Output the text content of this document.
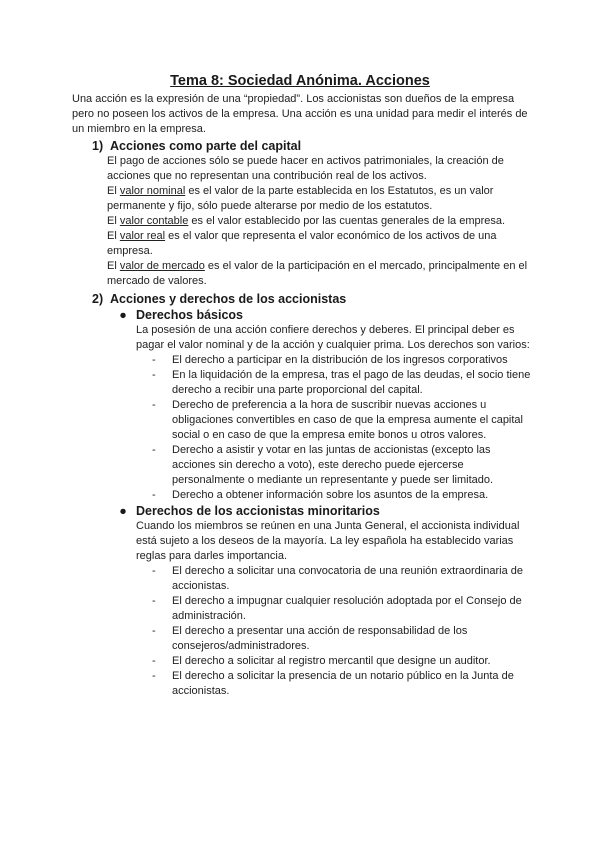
Tema 8: Sociedad Anónima. Acciones

Una acción es la expresión de una “propiedad”. Los accionistas son dueños de la empresa pero no poseen los activos de la empresa. Una acción es una unidad para medir el interés de un miembro en la empresa.

1) Acciones como parte del capital

El pago de acciones sólo se puede hacer en activos patrimoniales, la creación de acciones que no representan una contribución real de los activos.

El valor nominal es el valor de la parte establecida en los Estatutos, es un valor permanente y fijo, sólo puede alterarse por medio de los estatutos.

El valor contable es el valor establecido por las cuentas generales de la empresa.

El valor real es el valor que representa el valor económico de los activos de una empresa.

El valor de mercado es el valor de la participación en el mercado, principalmente en el mercado de valores.

2) Acciones y derechos de los accionistas

● Derechos básicos

La posesión de una acción confiere derechos y deberes. El principal deber es pagar el valor nominal y de la acción y cualquier prima. Los derechos son varios:

- El derecho a participar en la distribución de los ingresos corporativos
- En la liquidación de la empresa, tras el pago de las deudas, el socio tiene derecho a recibir una parte proporcional del capital.
- Derecho de preferencia a la hora de suscribir nuevas acciones u obligaciones convertibles en caso de que la empresa aumente el capital social o en caso de que la empresa emite bonos u otros valores.
- Derecho a asistir y votar en las juntas de accionistas (excepto las acciones sin derecho a voto), este derecho puede ejercerse personalmente o mediante un representante y puede ser limitado.
- Derecho a obtener información sobre los asuntos de la empresa.

● Derechos de los accionistas minoritarios

Cuando los miembros se reúnen en una Junta General, el accionista individual está sujeto a los deseos de la mayoría. La ley española ha establecido varias reglas para darles importancia.

- El derecho a solicitar una convocatoria de una reunión extraordinaria de accionistas.
- El derecho a impugnar cualquier resolución adoptada por el Consejo de administración.
- El derecho a presentar una acción de responsabilidad de los consejeros/administradores.
- El derecho a solicitar al registro mercantil que designe un auditor.
- El derecho a solicitar la presencia de un notario público en la Junta de accionistas.
